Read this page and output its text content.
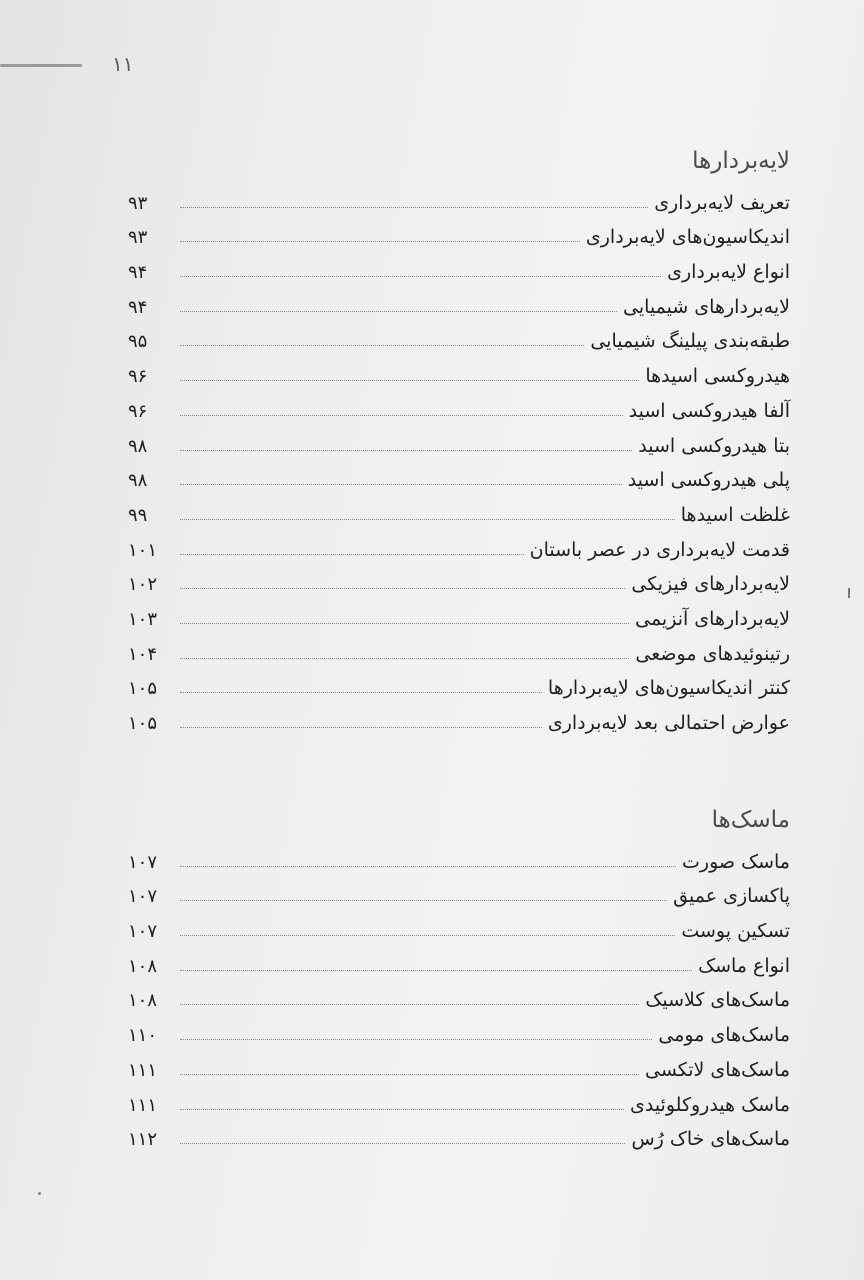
۱۱
لایه‌بردارها
تعریف لایه‌برداری
۹۳
اندیکاسیون‌های لایه‌برداری
۹۳
انواع لایه‌برداری
۹۴
لایه‌بردارهای شیمیایی
۹۴
طبقه‌بندی پیلینگ شیمیایی
۹۵
هیدروکسی اسیدها
۹۶
آلفا هیدروکسی اسید
۹۶
بتا هیدروکسی اسید
۹۸
پلی هیدروکسی اسید
۹۸
غلظت اسیدها
۹۹
قدمت لایه‌برداری در عصر باستان
۱۰۱
لایه‌بردارهای فیزیکی
۱۰۲
لایه‌بردارهای آنزیمی
۱۰۳
رتینوئیدهای موضعی
۱۰۴
کنتر اندیکاسیون‌های لایه‌بردارها
۱۰۵
عوارض احتمالی بعد لایه‌برداری
۱۰۵
ماسک‌ها
ماسک صورت
۱۰۷
پاکسازی عمیق
۱۰۷
تسکین پوست
۱۰۷
انواع ماسک
۱۰۸
ماسک‌های کلاسیک
۱۰۸
ماسک‌های مومی
۱۱۰
ماسک‌های لاتکسی
۱۱۱
ماسک هیدروکلوئیدی
۱۱۱
ماسک‌های خاک رُس
۱۱۲
